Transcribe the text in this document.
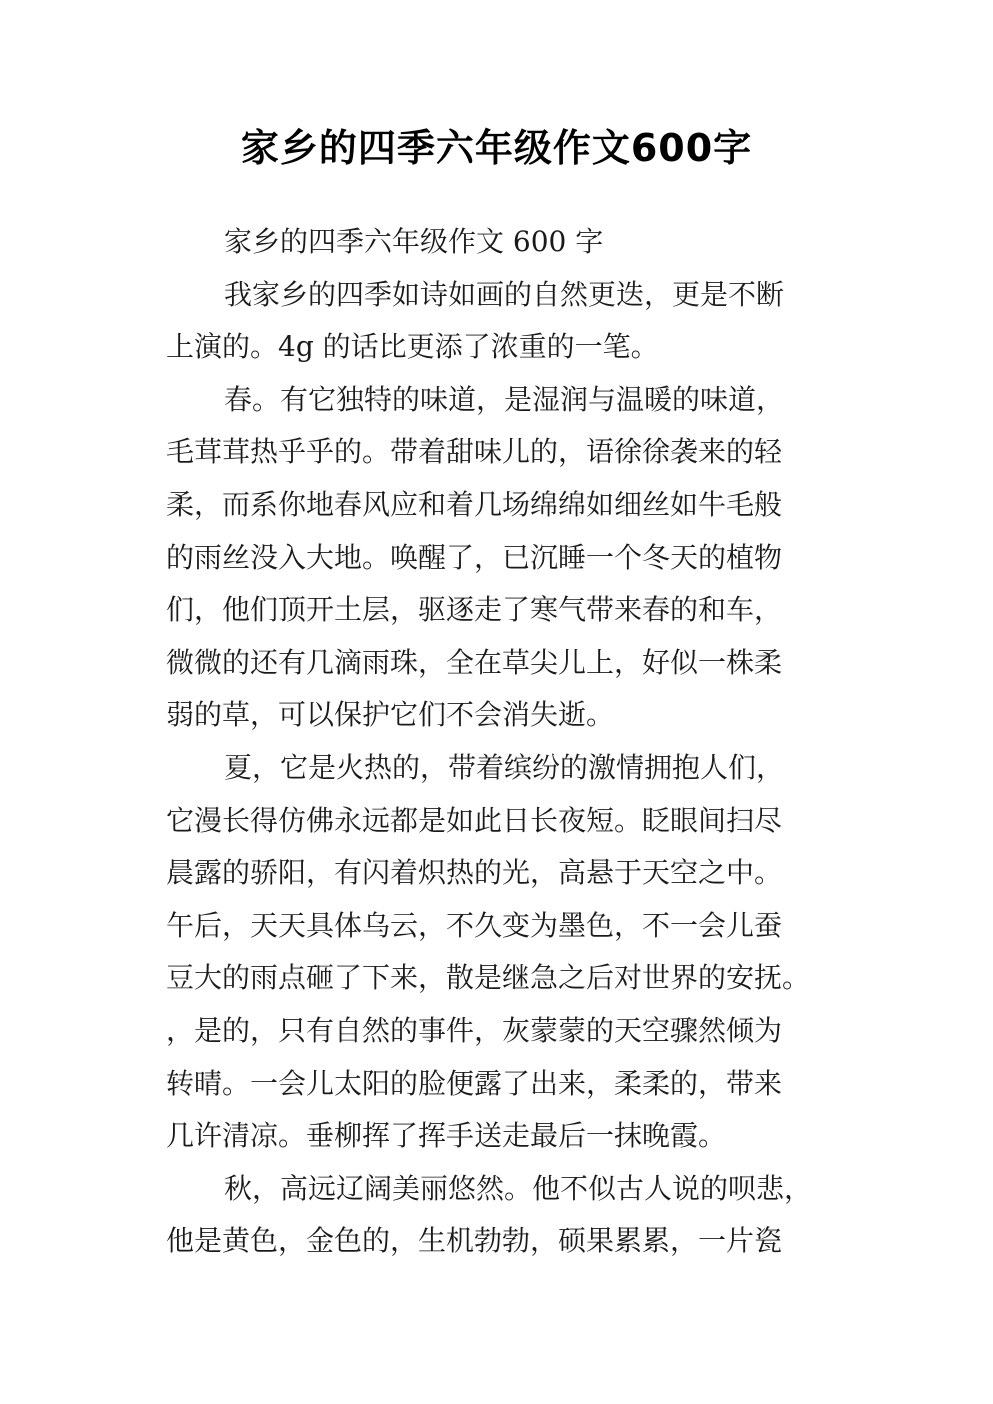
家乡的四季六年级作文600字
家乡的四季六年级作文 600 字
我家乡的四季如诗如画的自然更迭，更是不断
上演的。4g 的话比更添了浓重的一笔。
春。有它独特的味道，是湿润与温暖的味道，
毛茸茸热乎乎的。带着甜味儿的，语徐徐袭来的轻
柔，而系你地春风应和着几场绵绵如细丝如牛毛般
的雨丝没入大地。唤醒了，已沉睡一个冬天的植物
们，他们顶开土层，驱逐走了寒气带来春的和车，
微微的还有几滴雨珠，全在草尖儿上，好似一株柔
弱的草，可以保护它们不会消失逝。
夏，它是火热的，带着缤纷的激情拥抱人们，
它漫长得仿佛永远都是如此日长夜短。眨眼间扫尽
晨露的骄阳，有闪着炽热的光，高悬于天空之中。
午后，天天具体乌云，不久变为墨色，不一会儿蚕
豆大的雨点砸了下来，散是继急之后对世界的安抚。
，是的，只有自然的事件，灰蒙蒙的天空骤然倾为
转晴。一会儿太阳的脸便露了出来，柔柔的，带来
几许清凉。垂柳挥了挥手送走最后一抹晚霞。
秋，高远辽阔美丽悠然。他不似古人说的呗悲，
他是黄色，金色的，生机勃勃，硕果累累，一片瓷
